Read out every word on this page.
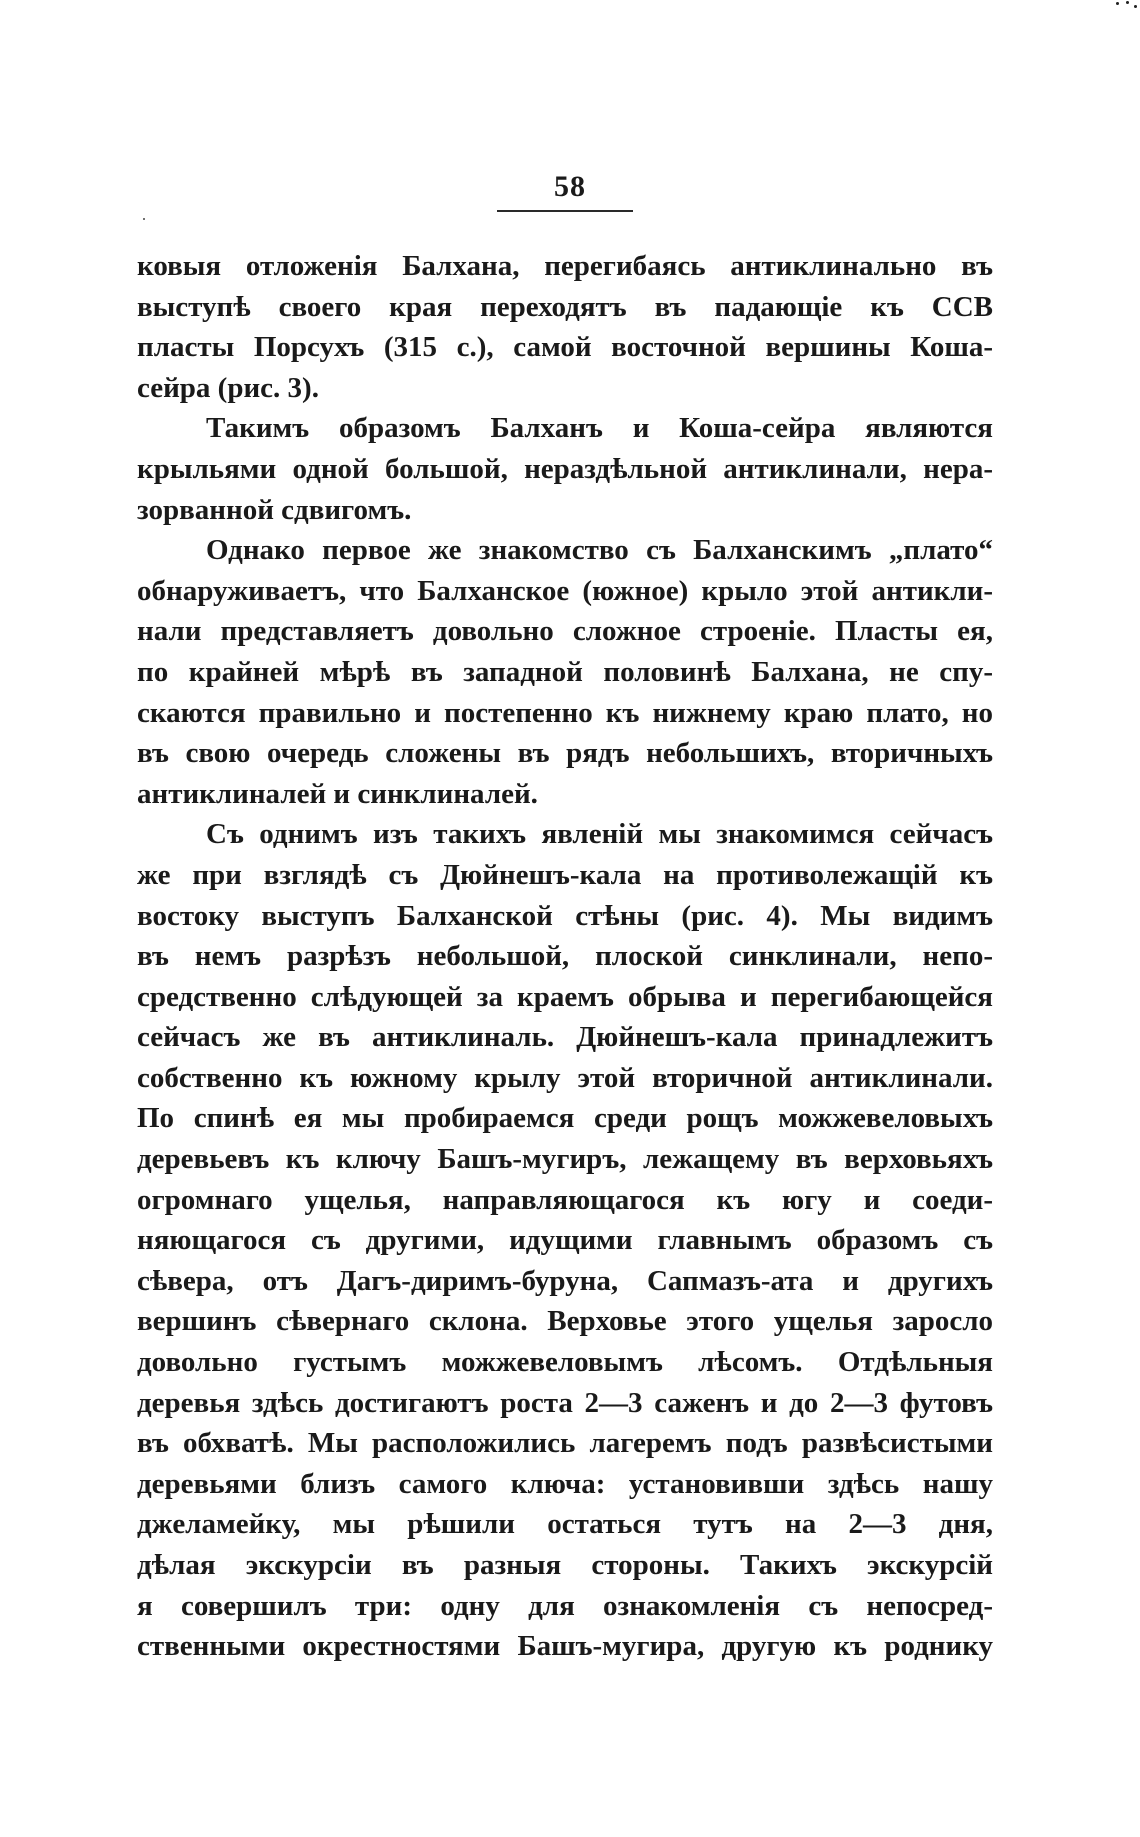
58
ковыя отложенiя Балхана, перегибаясь антиклинально въ
выступѣ своего края переходятъ въ падающiе къ ССВ
пласты Порсухъ (315 с.), самой восточной вершины Коша-
сейра (рис. 3).
Такимъ образомъ Балханъ и Коша-сейра являются
крыльями одной большой, нераздѣльной антиклинали, нера-
зорванной сдвигомъ.
Однако первое же знакомство съ Балханскимъ „плато“
обнаруживаетъ, что Балханское (южное) крыло этой антикли-
нали представляетъ довольно сложное строенiе. Пласты ея,
по крайней мѣрѣ въ западной половинѣ Балхана, не спу-
скаются правильно и постепенно къ нижнему краю плато, но
въ свою очередь сложены въ рядъ небольшихъ, вторичныхъ
антиклиналей и синклиналей.
Съ однимъ изъ такихъ явленiй мы знакомимся сейчасъ
же при взглядѣ съ Дюйнешъ-кала на противолежащiй къ
востоку выступъ Балханской стѣны (рис. 4). Мы видимъ
въ немъ разрѣзъ небольшой, плоской синклинали, непо-
средственно слѣдующей за краемъ обрыва и перегибающейся
сейчасъ же въ антиклиналь. Дюйнешъ-кала принадлежитъ
собственно къ южному крылу этой вторичной антиклинали.
По спинѣ ея мы пробираемся среди рощъ можжевеловыхъ
деревьевъ къ ключу Башъ-мугиръ, лежащему въ верховьяхъ
огромнаго ущелья, направляющагося къ югу и соеди-
няющагося съ другими, идущими главнымъ образомъ съ
сѣвера, отъ Дагъ-диримъ-буруна, Сапмазъ-ата и другихъ
вершинъ сѣвернаго склона. Верховье этого ущелья заросло
довольно густымъ можжевеловымъ лѣсомъ. Отдѣльныя
деревья здѣсь достигаютъ роста 2—3 саженъ и до 2—3 футовъ
въ обхватѣ. Мы расположились лагеремъ подъ развѣсистыми
деревьями близъ самого ключа: установивши здѣсь нашу
джеламейку, мы рѣшили остаться тутъ на 2—3 дня,
дѣлая экскурсiи въ разныя стороны. Такихъ экскурсiй
я совершилъ три: одну для ознакомленiя съ непосред-
ственными окрестностями Башъ-мугира, другую къ роднику
